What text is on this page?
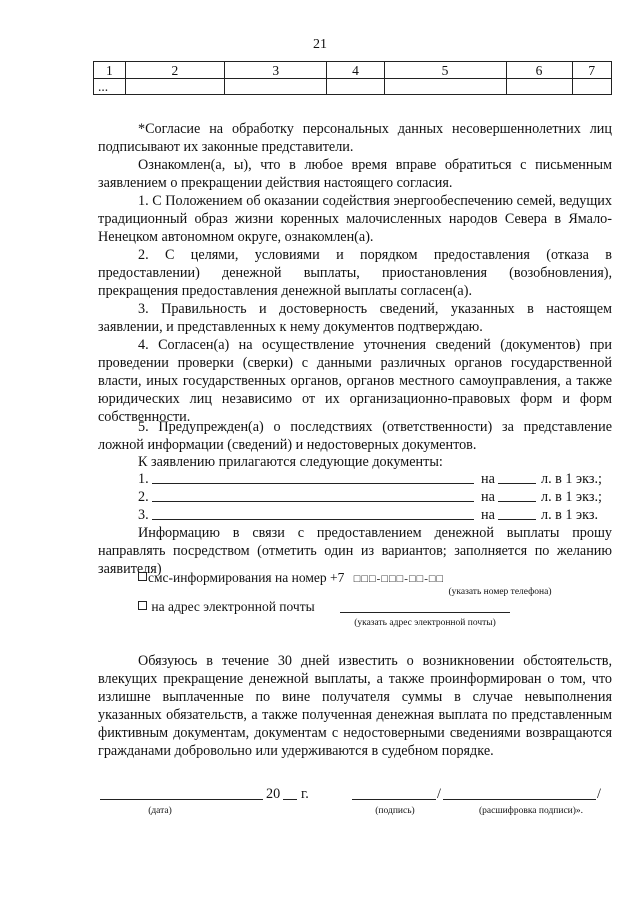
21
1	2	3	4	5	6	7
...						
*Согласие на обработку персональных данных несовершеннолетних лиц подписывают их законные представители.
Ознакомлен(а, ы), что в любое время вправе обратиться с письменным заявлением о прекращении действия настоящего согласия.
1. С Положением об оказании содействия энергообеспечению семей, ведущих традиционный образ жизни коренных малочисленных народов Севера в Ямало-Ненецком автономном округе, ознакомлен(а).
2. С целями, условиями и порядком предоставления (отказа в предоставлении) денежной выплаты, приостановления (возобновления), прекращения предоставления денежной выплаты согласен(а).
3. Правильность и достоверность сведений, указанных в настоящем заявлении, и представленных к нему документов подтверждаю.
4. Согласен(а) на осуществление уточнения сведений (документов) при проведении проверки (сверки) с данными различных органов государственной власти, иных государственных органов, органов местного самоуправления, а также юридических лиц независимо от их организационно-правовых форм и форм собственности.
5. Предупрежден(а) о последствиях (ответственности) за представление ложной информации (сведений) и недостоверных документов.
К заявлению прилагаются следующие документы:
1.	на	л. в 1 экз.;
2.	на	л. в 1 экз.;
3.	на	л. в 1 экз.
Информацию в связи с предоставлением денежной выплаты прошу направлять посредством (отметить один из вариантов; заполняется по желанию заявителя)
смс-информирования на номер +7 □□□-□□□-□□-□□
(указать номер телефона)
на адрес электронной почты
(указать адрес электронной почты)
Обязуюсь в течение 30 дней известить о возникновении обстоятельств, влекущих прекращение денежной выплаты, а также проинформирован о том, что излишне выплаченные по вине получателя суммы в случае невыполнения указанных обязательств, а также полученная денежная выплата по представленным фиктивным документам, документам с недостоверными сведениями возвращаются гражданами добровольно или удерживаются в судебном порядке.
20 г.	/	/
(дата)	(подпись)	(расшифровка подписи)».
